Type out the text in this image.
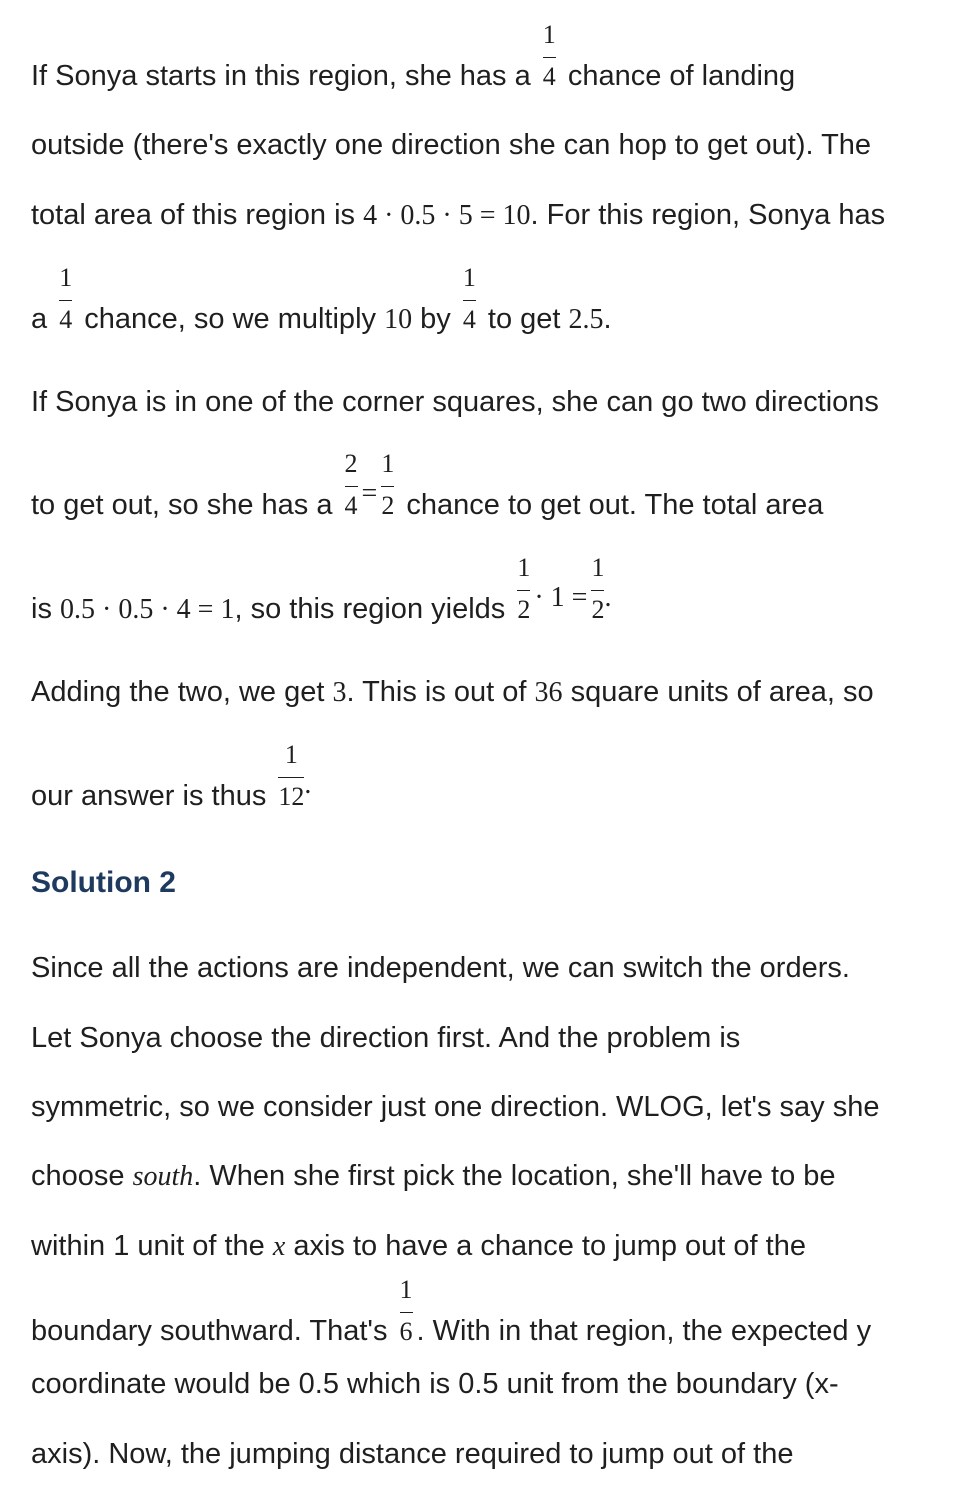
If Sonya starts in this region, she has a $\frac{1}{4}$ chance of landing
outside (there's exactly one direction she can hop to get out). The
total area of this region is 4 · 0.5 · 5 = 10. For this region, Sonya has
a $\frac{1}{4}$ chance, so we multiply 10 by $\frac{1}{4}$ to get 2.5.
If Sonya is in one of the corner squares, she can go two directions
to get out, so she has a $\frac{2}{4} = \frac{1}{2}$ chance to get out. The total area
is 0.5 · 0.5 · 4 = 1, so this region yields $\frac{1}{2} \cdot 1 = \frac{1}{2}$ .
Adding the two, we get 3. This is out of 36 square units of area, so
our answer is thus $\frac{1}{12}$ .
Solution 2
Since all the actions are independent, we can switch the orders.
Let Sonya choose the direction first. And the problem is
symmetric, so we consider just one direction. WLOG, let's say she
choose south. When she first pick the location, she'll have to be
within 1 unit of the x axis to have a chance to jump out of the
boundary southward. That's $\frac{1}{6}$ . With in that region, the expected y
coordinate would be 0.5 which is 0.5 unit from the boundary (x-
axis). Now, the jumping distance required to jump out of the
